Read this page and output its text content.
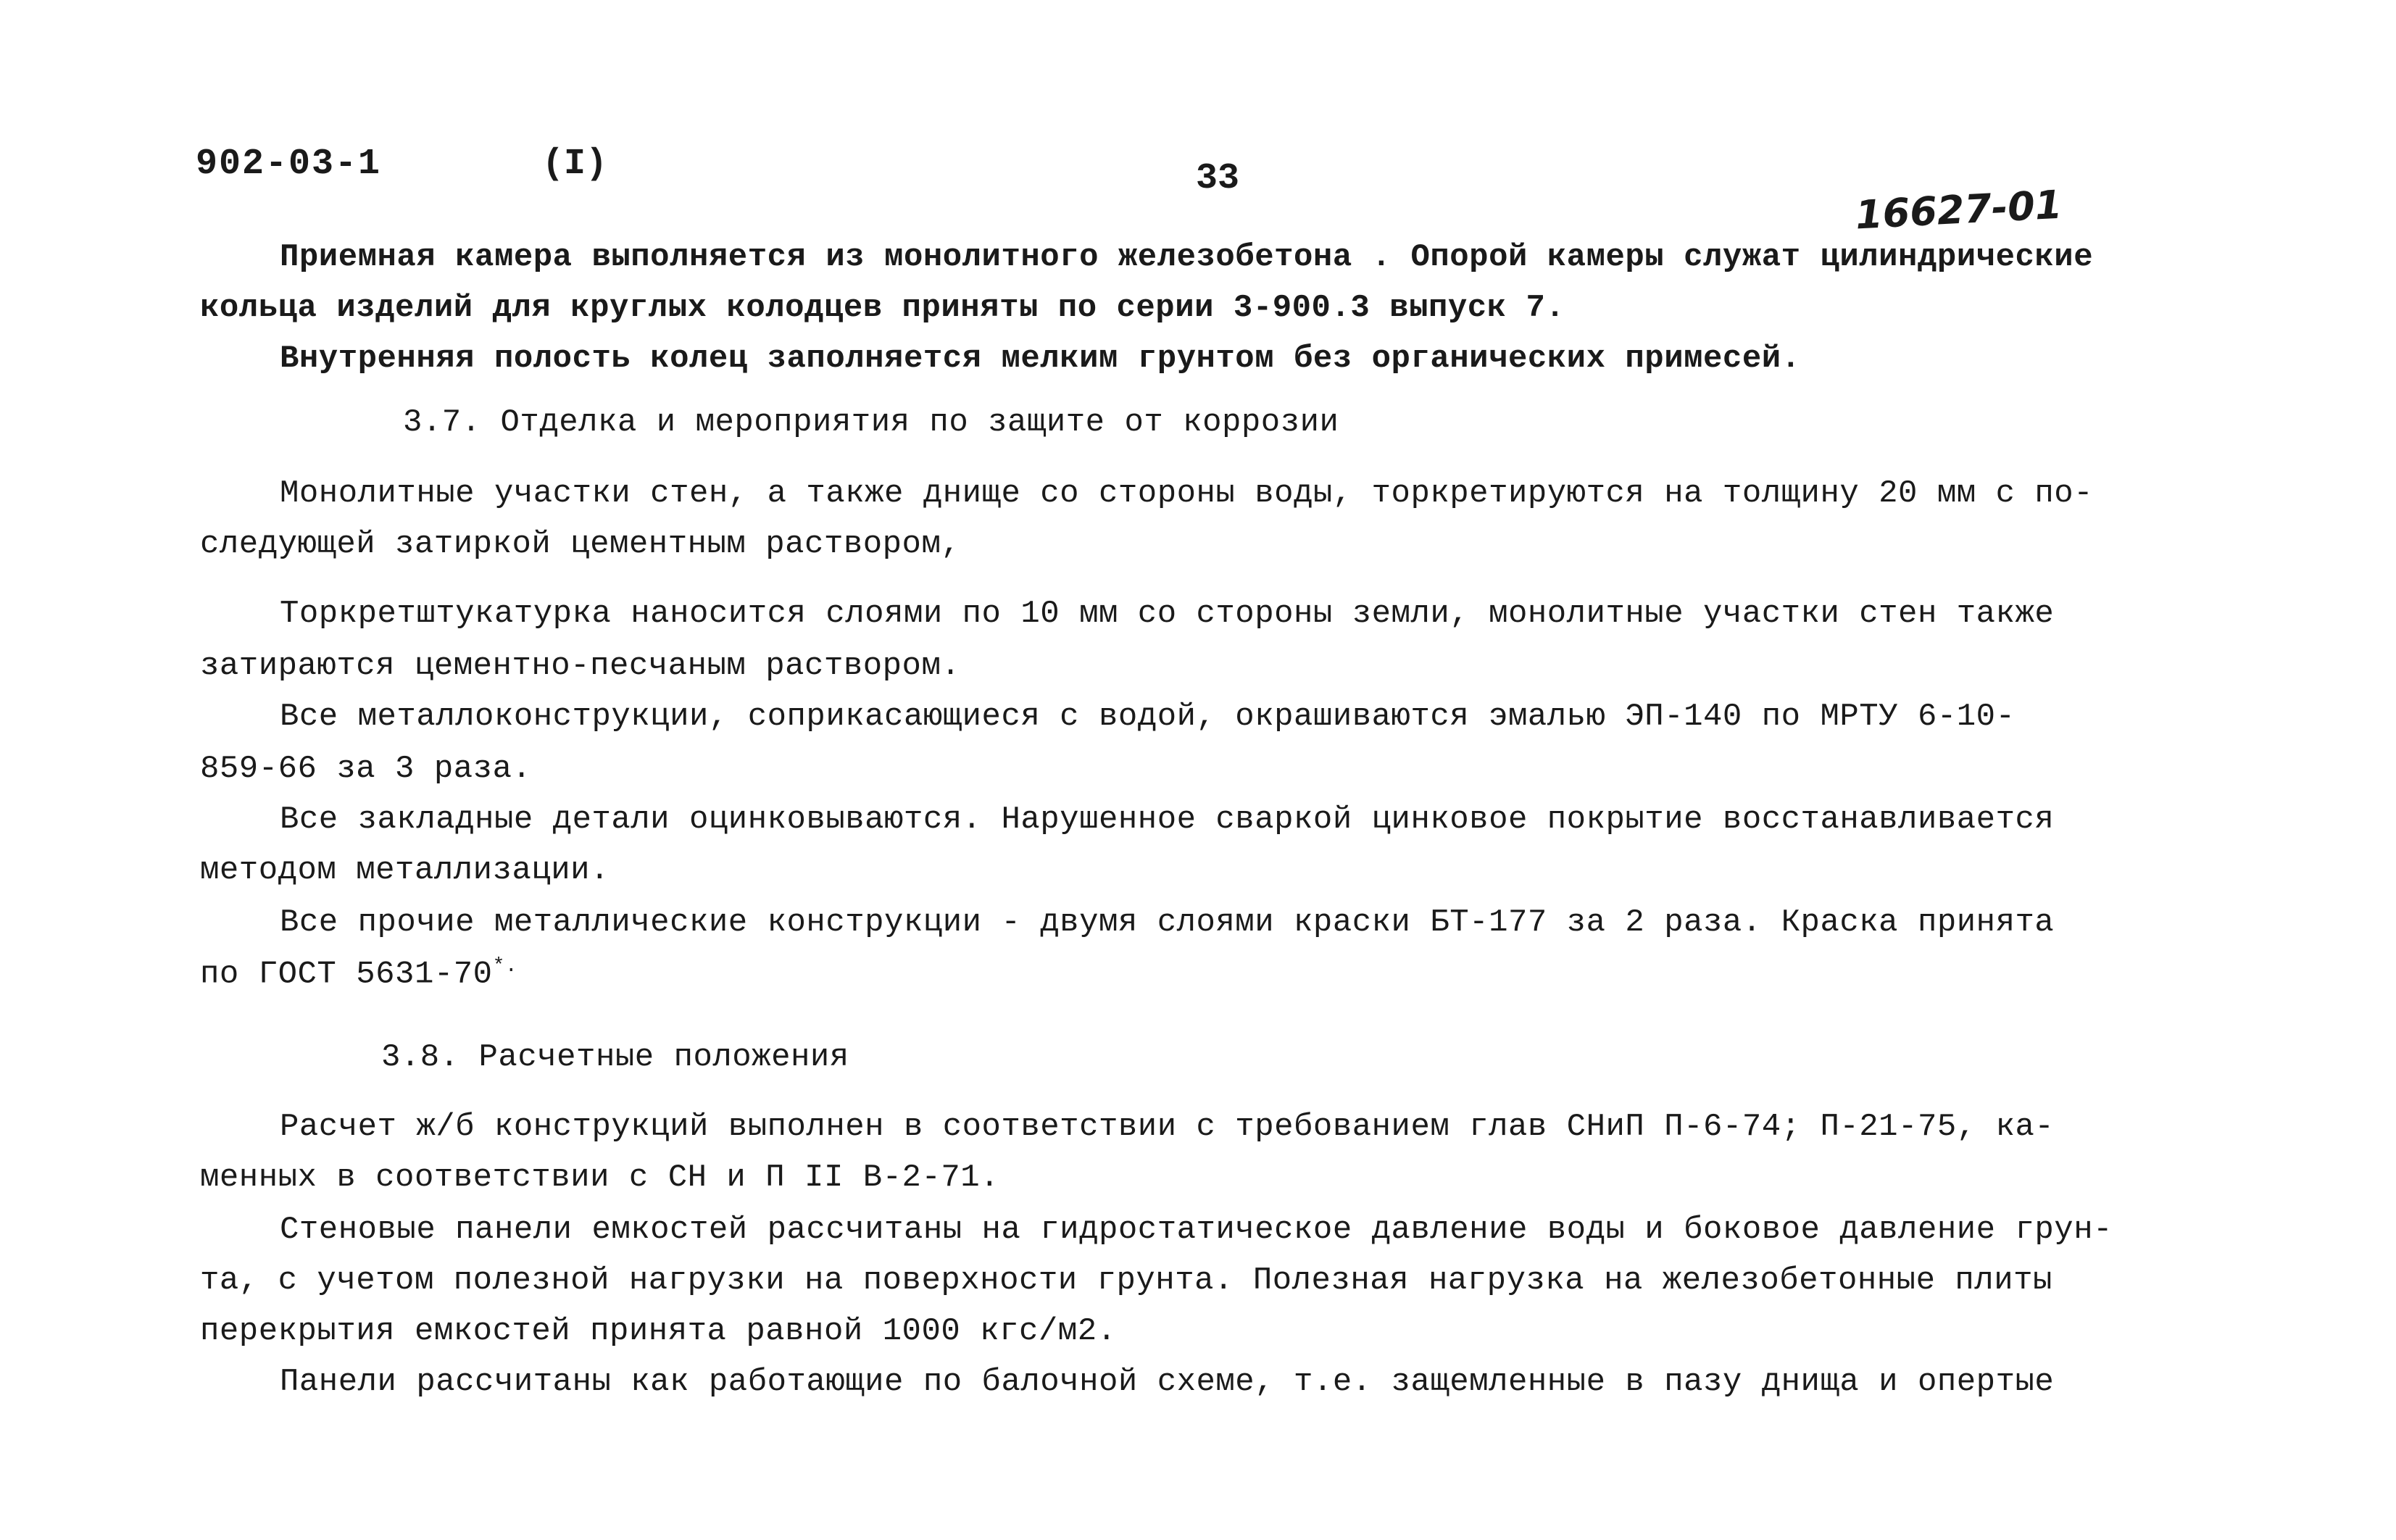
902-03-1	(I)	33
16627-01
Приемная камера выполняется из монолитного железобетона . Опорой камеры служат цилиндрические
кольца изделий для круглых колодцев приняты по серии 3-900.3 выпуск 7.
Внутренняя полость колец заполняется мелким грунтом без органических примесей.
3.7. Отделка и мероприятия по защите от коррозии
Монолитные участки стен, а также днище со стороны воды, торкретируются на толщину 20 мм с по-
следующей затиркой цементным раствором,
Торкретштукатурка наносится слоями по 10 мм со стороны земли, монолитные участки стен также
затираются цементно-песчаным раствором.
Все металлоконструкции, соприкасающиеся с водой, окрашиваются эмалью ЭП-140 по МРТУ 6-10-
859-66 за 3 раза.
Все закладные детали оцинковываются. Нарушенное сваркой цинковое покрытие восстанавливается
методом металлизации.
Все прочие металлические конструкции - двумя слоями краски БТ-177 за 2 раза. Краска принята
по ГОСТ 5631-70*.
3.8. Расчетные положения
Расчет ж/б конструкций выполнен в соответствии с требованием глав СНиП П-6-74; П-21-75, ка-
менных в соответствии с СН и П II В-2-71.
Стеновые панели емкостей рассчитаны на гидростатическое давление воды и боковое давление грун-
та, с учетом полезной нагрузки на поверхности грунта. Полезная нагрузка на железобетонные плиты
перекрытия емкостей принята равной 1000 кгс/м2.
Панели рассчитаны как работающие по балочной схеме, т.е. защемленные в пазу днища и опертые
